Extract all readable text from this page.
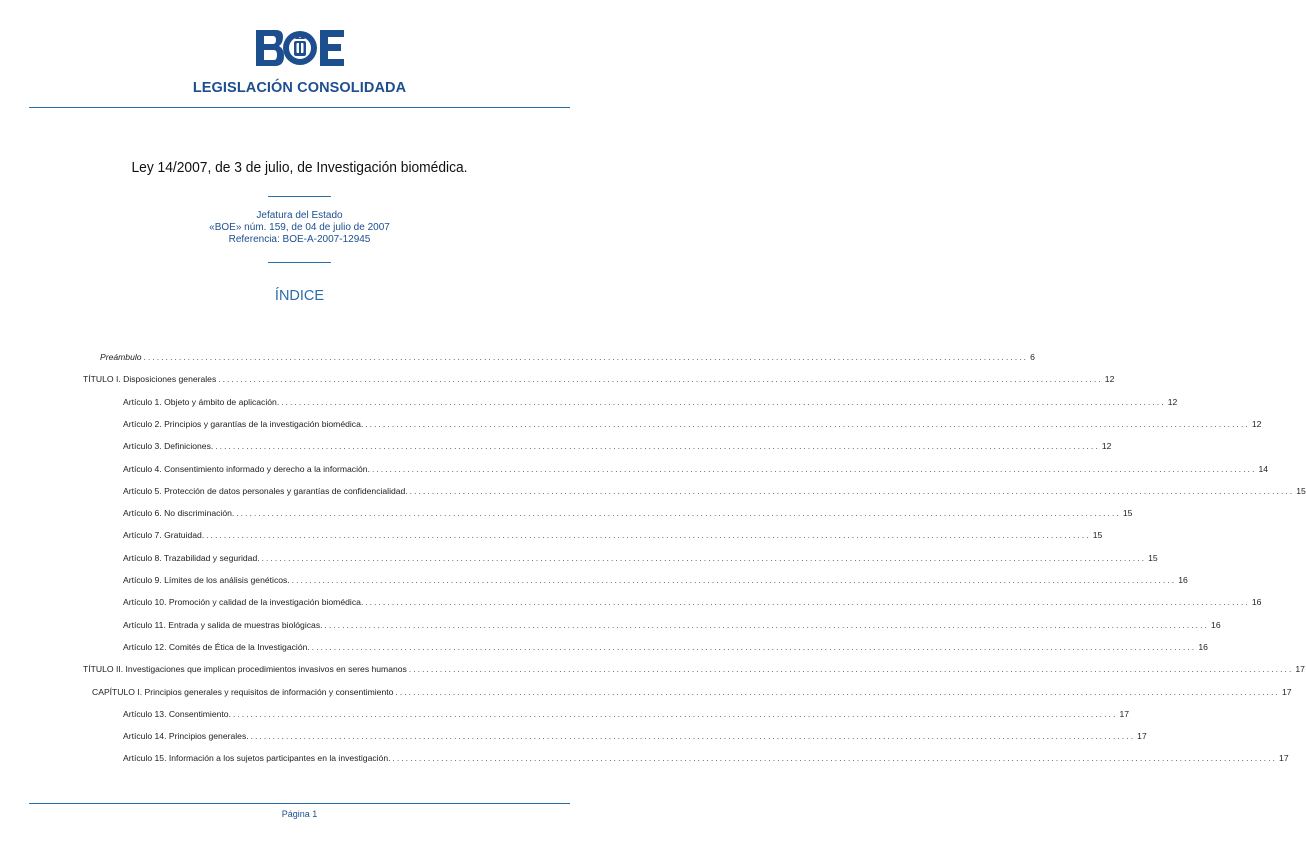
LEGISLACIÓN CONSOLIDADA
Ley 14/2007, de 3 de julio, de Investigación biomédica.
Jefatura del Estado
«BOE» núm. 159, de 04 de julio de 2007
Referencia: BOE-A-2007-12945
ÍNDICE
Preámbulo ........................................................................................................................................................................................................ 6
TÍTULO I. Disposiciones generales ........................................................................................................................................................................................................ 12
Artículo 1. Objeto y ámbito de aplicación. ........................................................................................................................................................................................................ 12
Artículo 2. Principios y garantías de la investigación biomédica. ........................................................................................................................................................................................................ 12
Artículo 3. Definiciones. ........................................................................................................................................................................................................ 12
Artículo 4. Consentimiento informado y derecho a la información. ........................................................................................................................................................................................................ 14
Artículo 5. Protección de datos personales y garantías de confidencialidad. ........................................................................................................................................................................................................ 15
Artículo 6. No discriminación. ........................................................................................................................................................................................................ 15
Artículo 7. Gratuidad. ........................................................................................................................................................................................................ 15
Artículo 8. Trazabilidad y seguridad. ........................................................................................................................................................................................................ 15
Artículo 9. Límites de los análisis genéticos. ........................................................................................................................................................................................................ 16
Artículo 10. Promoción y calidad de la investigación biomédica. ........................................................................................................................................................................................................ 16
Artículo 11. Entrada y salida de muestras biológicas. ........................................................................................................................................................................................................ 16
Artículo 12. Comités de Ética de la Investigación. ........................................................................................................................................................................................................ 16
TÍTULO II. Investigaciones que implican procedimientos invasivos en seres humanos ........................................................................................................................................................................................................ 17
CAPÍTULO I. Principios generales y requisitos de información y consentimiento ........................................................................................................................................................................................................ 17
Artículo 13. Consentimiento. ........................................................................................................................................................................................................ 17
Artículo 14. Principios generales. ........................................................................................................................................................................................................ 17
Artículo 15. Información a los sujetos participantes en la investigación. ........................................................................................................................................................................................................ 17
Página 1
